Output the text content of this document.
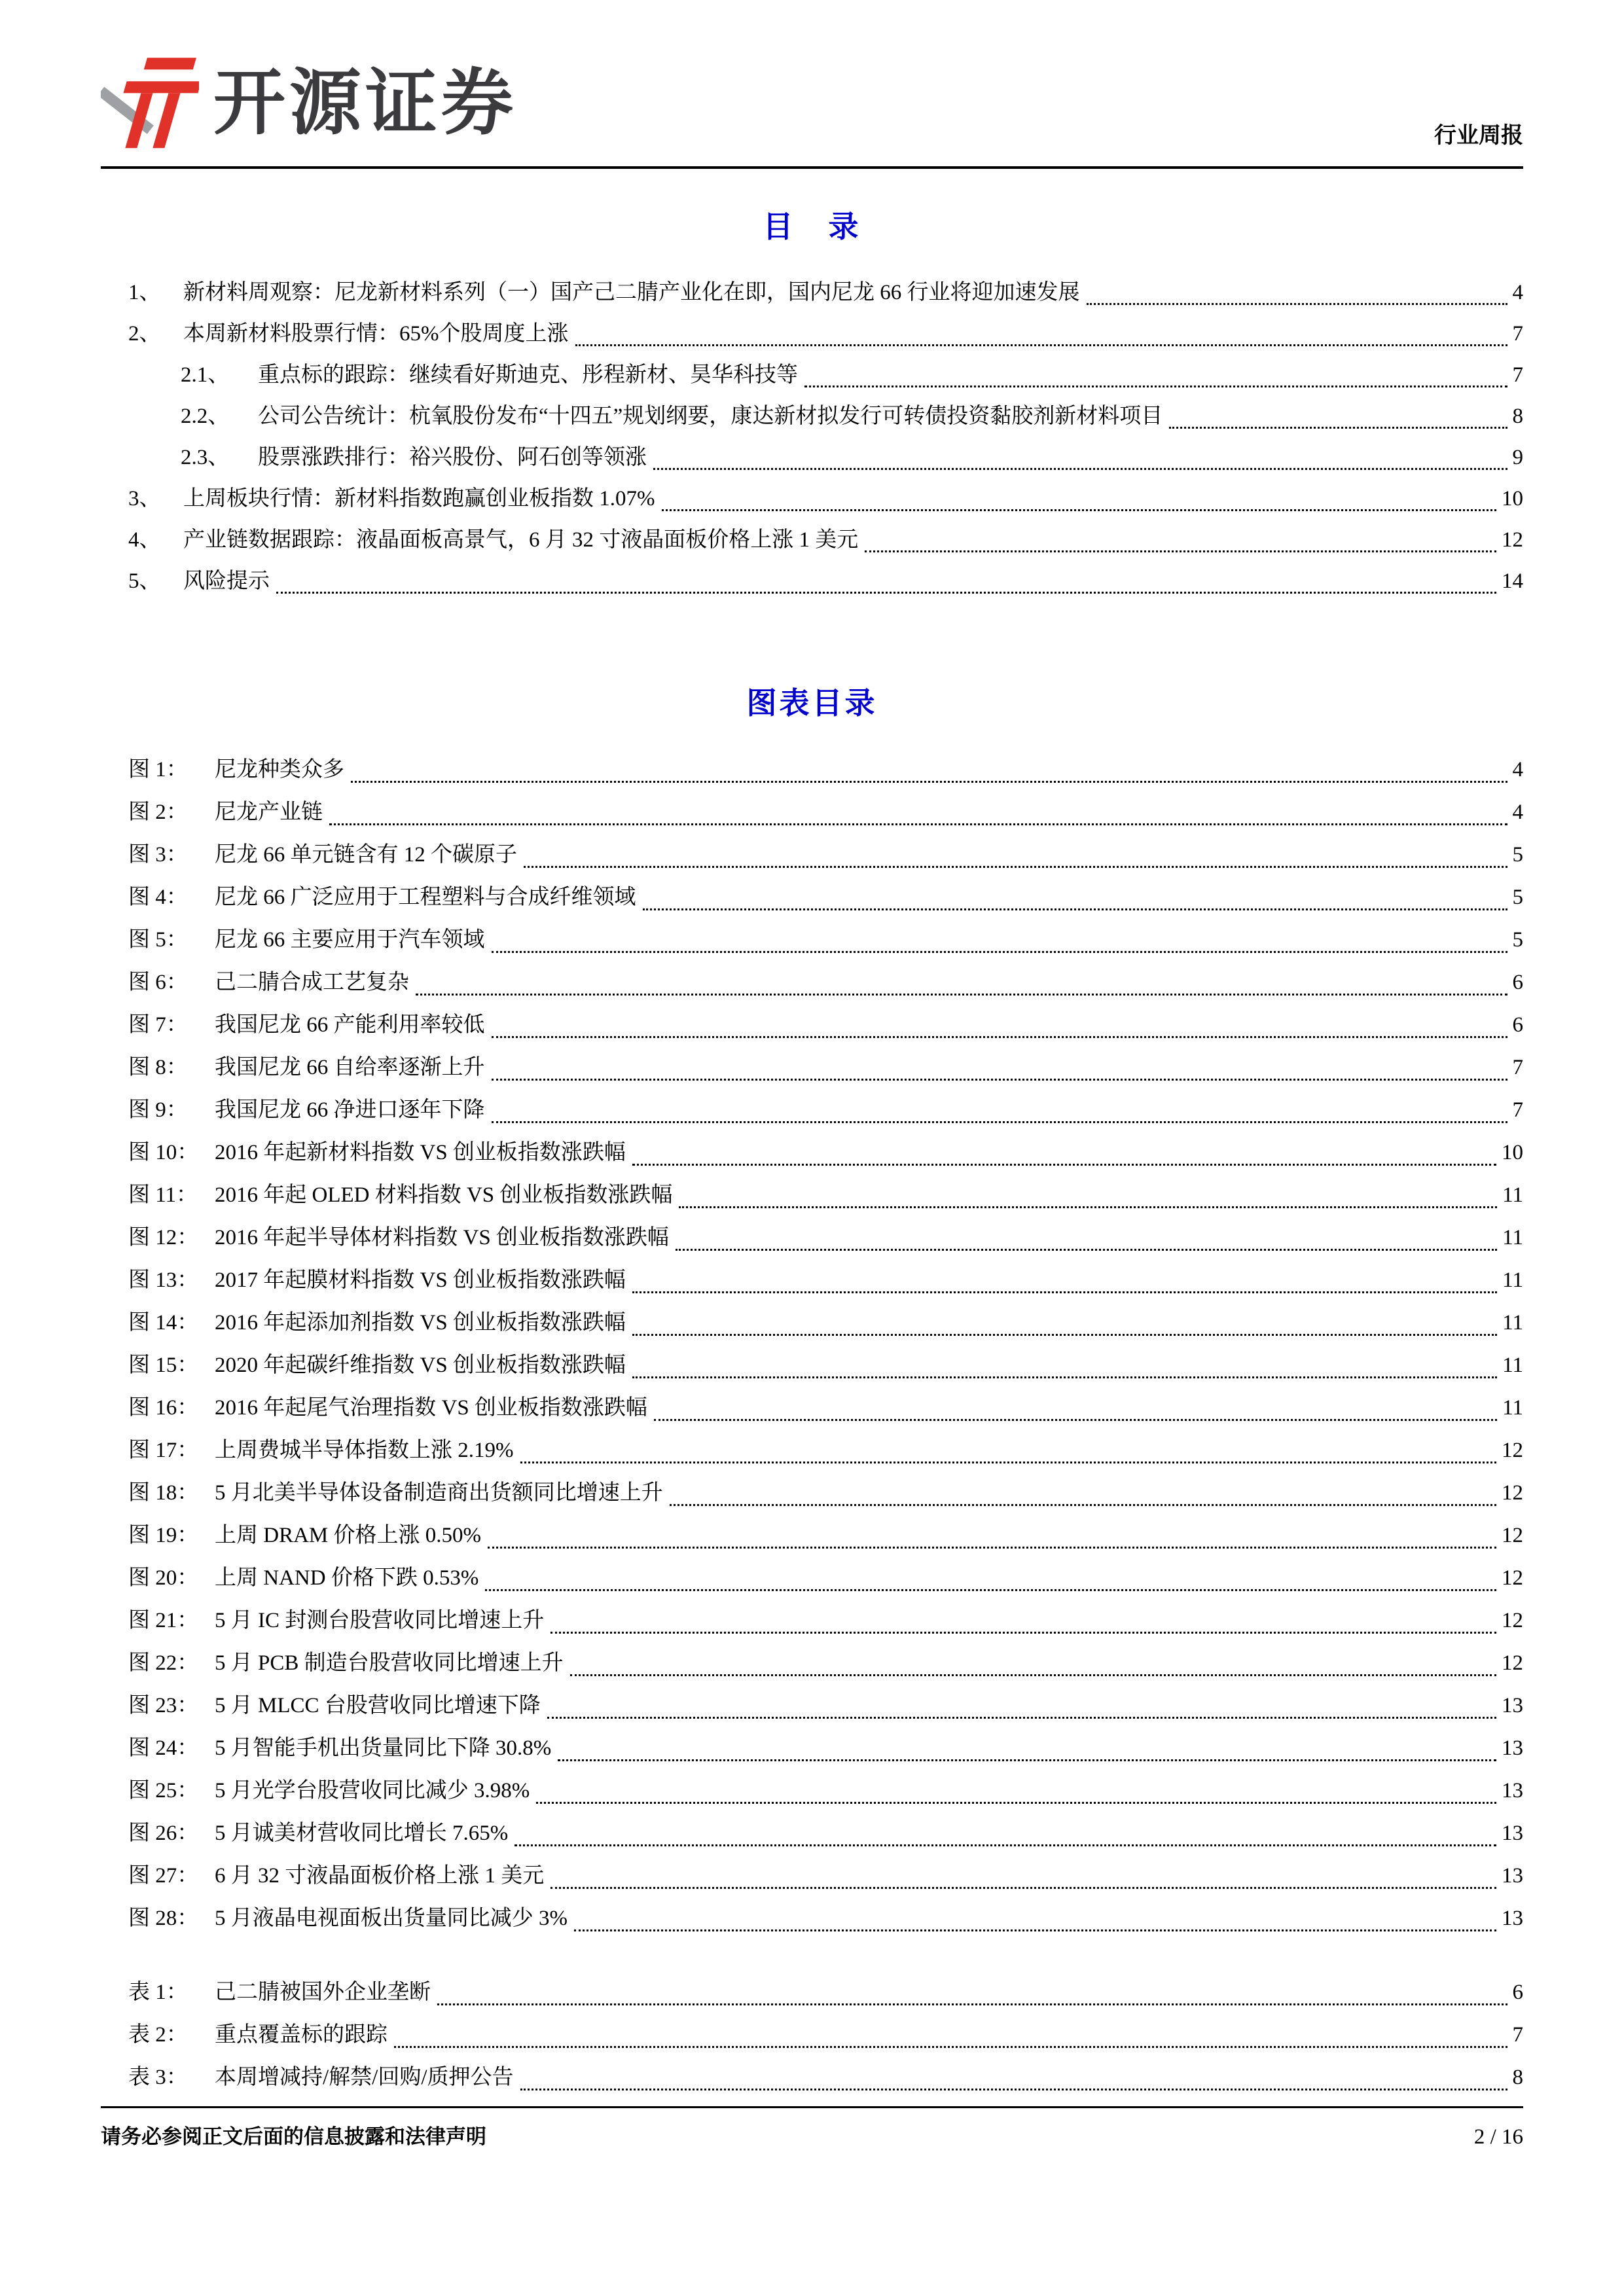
开源证券	行业周报
目　录
1、	新材料周观察：尼龙新材料系列（一）国产己二腈产业化在即，国内尼龙 66 行业将迎加速发展	4
2、	本周新材料股票行情：65%个股周度上涨	7
2.1、	重点标的跟踪：继续看好斯迪克、彤程新材、昊华科技等	7
2.2、	公司公告统计：杭氧股份发布“十四五”规划纲要，康达新材拟发行可转债投资黏胶剂新材料项目	8
2.3、	股票涨跌排行：裕兴股份、阿石创等领涨	9
3、	上周板块行情：新材料指数跑赢创业板指数 1.07%	10
4、	产业链数据跟踪：液晶面板高景气，6 月 32 寸液晶面板价格上涨 1 美元	12
5、	风险提示	14
图表目录
图 1：	尼龙种类众多	4
图 2：	尼龙产业链	4
图 3：	尼龙 66 单元链含有 12 个碳原子	5
图 4：	尼龙 66 广泛应用于工程塑料与合成纤维领域	5
图 5：	尼龙 66 主要应用于汽车领域	5
图 6：	己二腈合成工艺复杂	6
图 7：	我国尼龙 66 产能利用率较低	6
图 8：	我国尼龙 66 自给率逐渐上升	7
图 9：	我国尼龙 66 净进口逐年下降	7
图 10： 2016 年起新材料指数 VS 创业板指数涨跌幅	10
图 11： 2016 年起 OLED 材料指数 VS 创业板指数涨跌幅	11
图 12： 2016 年起半导体材料指数 VS 创业板指数涨跌幅	11
图 13： 2017 年起膜材料指数 VS 创业板指数涨跌幅	11
图 14： 2016 年起添加剂指数 VS 创业板指数涨跌幅	11
图 15： 2020 年起碳纤维指数 VS 创业板指数涨跌幅	11
图 16： 2016 年起尾气治理指数 VS 创业板指数涨跌幅	11
图 17： 上周费城半导体指数上涨 2.19%	12
图 18： 5 月北美半导体设备制造商出货额同比增速上升	12
图 19： 上周 DRAM 价格上涨 0.50%	12
图 20： 上周 NAND 价格下跌 0.53%	12
图 21： 5 月 IC 封测台股营收同比增速上升	12
图 22： 5 月 PCB 制造台股营收同比增速上升	12
图 23： 5 月 MLCC 台股营收同比增速下降	13
图 24： 5 月智能手机出货量同比下降 30.8%	13
图 25： 5 月光学台股营收同比减少 3.98%	13
图 26： 5 月诚美材营收同比增长 7.65%	13
图 27： 6 月 32 寸液晶面板价格上涨 1 美元	13
图 28： 5 月液晶电视面板出货量同比减少 3%	13
表 1：	己二腈被国外企业垄断	6
表 2：	重点覆盖标的跟踪	7
表 3：	本周增减持/解禁/回购/质押公告	8
请务必参阅正文后面的信息披露和法律声明	2 / 16
